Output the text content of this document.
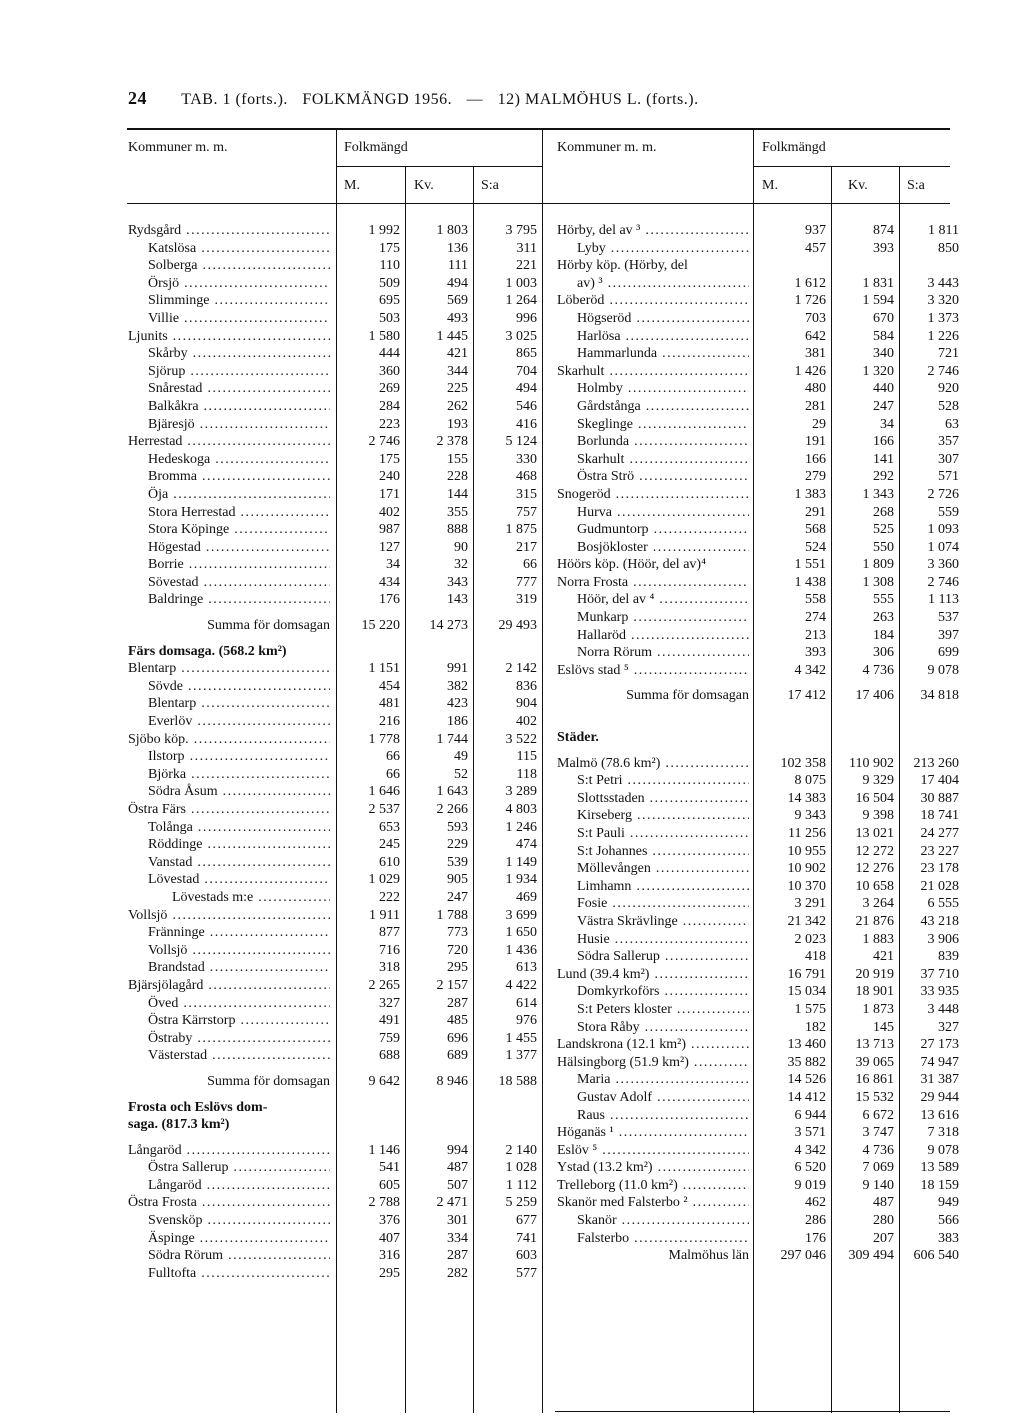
24 TAB. 1 (forts.). FOLKMÄNGD 1956. — 12) MALMÖHUS L. (forts.).
Kommuner m. m.	Folkmängd
M.	Kv.	S:a
Kommuner m. m.	Folkmängd
M.	Kv.	S:a
Rydsgård .....	1 992	1 803	3 795
Katslösa .....	175	136	311
Solberga .....	110	111	221
Örsjö .....	509	494	1 003
Slimminge .....	695	569	1 264
Villie .....	503	493	996
Ljunits .....	1 580	1 445	3 025
Skårby .....	444	421	865
Sjörup .....	360	344	704
Snårestad .....	269	225	494
Balkåkra .....	284	262	546
Bjäresjö .....	223	193	416
Herrestad .....	2 746	2 378	5 124
Hedeskoga .....	175	155	330
Bromma .....	240	228	468
Öja .....	171	144	315
Stora Herrestad .....	402	355	757
Stora Köpinge .....	987	888	1 875
Högestad .....	127	90	217
Borrie .....	34	32	66
Sövestad .....	434	343	777
Baldringe .....	176	143	319
Summa för domsagan	15 220	14 273	29 493
Färs domsaga. (568.2 km²)
Blentarp .....	1 151	991	2 142
Sövde .....	454	382	836
Blentarp .....	481	423	904
Everlöv .....	216	186	402
Sjöbo köp. .....	1 778	1 744	3 522
Ilstorp .....	66	49	115
Björka .....	66	52	118
Södra Åsum .....	1 646	1 643	3 289
Östra Färs .....	2 537	2 266	4 803
Tolånga .....	653	593	1 246
Röddinge .....	245	229	474
Vanstad .....	610	539	1 149
Lövestad .....	1 029	905	1 934
Lövestads m:e .....	222	247	469
Vollsjö .....	1 911	1 788	3 699
Fränninge .....	877	773	1 650
Vollsjö .....	716	720	1 436
Brandstad .....	318	295	613
Bjärsjölagård .....	2 265	2 157	4 422
Öved .....	327	287	614
Östra Kärrstorp .....	491	485	976
Östraby .....	759	696	1 455
Västerstad .....	688	689	1 377
Summa för domsagan	9 642	8 946	18 588
Frosta och Eslövs dom-
saga. (817.3 km²)
Långaröd .....	1 146	994	2 140
Östra Sallerup .....	541	487	1 028
Långaröd .....	605	507	1 112
Östra Frosta .....	2 788	2 471	5 259
Svensköp .....	376	301	677
Äspinge .....	407	334	741
Södra Rörum .....	316	287	603
Fulltofta .....	295	282	577
Hörby, del av ³ .....	937	874	1 811
Lyby .....	457	393	850
Hörby köp. (Hörby, del
av) ³ .....	1 612	1 831	3 443
Löberöd .....	1 726	1 594	3 320
Högseröd .....	703	670	1 373
Harlösa .....	642	584	1 226
Hammarlunda .....	381	340	721
Skarhult .....	1 426	1 320	2 746
Holmby .....	480	440	920
Gårdstånga .....	281	247	528
Skeglinge .....	29	34	63
Borlunda .....	191	166	357
Skarhult .....	166	141	307
Östra Strö .....	279	292	571
Snogeröd .....	1 383	1 343	2 726
Hurva .....	291	268	559
Gudmuntorp .....	568	525	1 093
Bosjökloster .....	524	550	1 074
Höörs köp. (Höör, del av)⁴	1 551	1 809	3 360
Norra Frosta .....	1 438	1 308	2 746
Höör, del av ⁴ .....	558	555	1 113
Munkarp .....	274	263	537
Hallaröd .....	213	184	397
Norra Rörum .....	393	306	699
Eslövs stad ⁵ .....	4 342	4 736	9 078
Summa för domsagan	17 412	17 406	34 818
Städer.
Malmö (78.6 km²) .....	102 358	110 902	213 260
S:t Petri .....	8 075	9 329	17 404
Slottsstaden .....	14 383	16 504	30 887
Kirseberg .....	9 343	9 398	18 741
S:t Pauli .....	11 256	13 021	24 277
S:t Johannes .....	10 955	12 272	23 227
Möllevången .....	10 902	12 276	23 178
Limhamn .....	10 370	10 658	21 028
Fosie .....	3 291	3 264	6 555
Västra Skrävlinge .....	21 342	21 876	43 218
Husie .....	2 023	1 883	3 906
Södra Sallerup .....	418	421	839
Lund (39.4 km²) .....	16 791	20 919	37 710
Domkyrkoförs .....	15 034	18 901	33 935
S:t Peters kloster .....	1 575	1 873	3 448
Stora Råby .....	182	145	327
Landskrona (12.1 km²) .....	13 460	13 713	27 173
Hälsingborg (51.9 km²) .....	35 882	39 065	74 947
Maria .....	14 526	16 861	31 387
Gustav Adolf .....	14 412	15 532	29 944
Raus .....	6 944	6 672	13 616
Höganäs ¹ .....	3 571	3 747	7 318
Eslöv ⁵ .....	4 342	4 736	9 078
Ystad (13.2 km²) .....	6 520	7 069	13 589
Trelleborg (11.0 km²) .....	9 019	9 140	18 159
Skanör med Falsterbo ² .....	462	487	949
Skanör .....	286	280	566
Falsterbo .....	176	207	383
Malmöhus län	297 046	309 494	606 540
